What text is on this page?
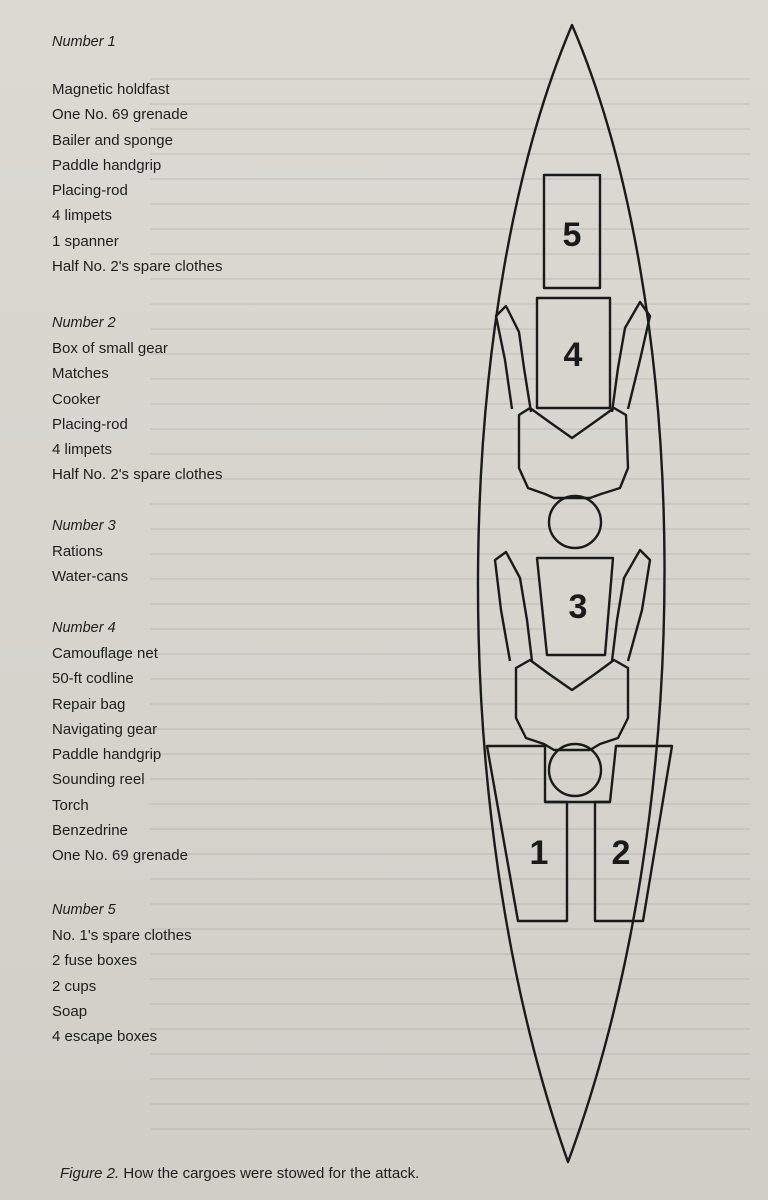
Number 1

Magnetic holdfast
One No. 69 grenade
Bailer and sponge
Paddle handgrip
Placing-rod
4 limpets
1 spanner
Half No. 2's spare clothes

Number 2

Box of small gear
Matches
Cooker
Placing-rod
4 limpets
Half No. 2's spare clothes

Number 3

Rations
Water-cans

Number 4

Camouflage net
50-ft codline
Repair bag
Navigating gear
Paddle handgrip
Sounding reel
Torch
Benzedrine
One No. 69 grenade

Number 5

No. 1's spare clothes
2 fuse boxes
2 cups
Soap
4 escape boxes
5
4
3
1 2
Figure 2. How the cargoes were stowed for the attack.
